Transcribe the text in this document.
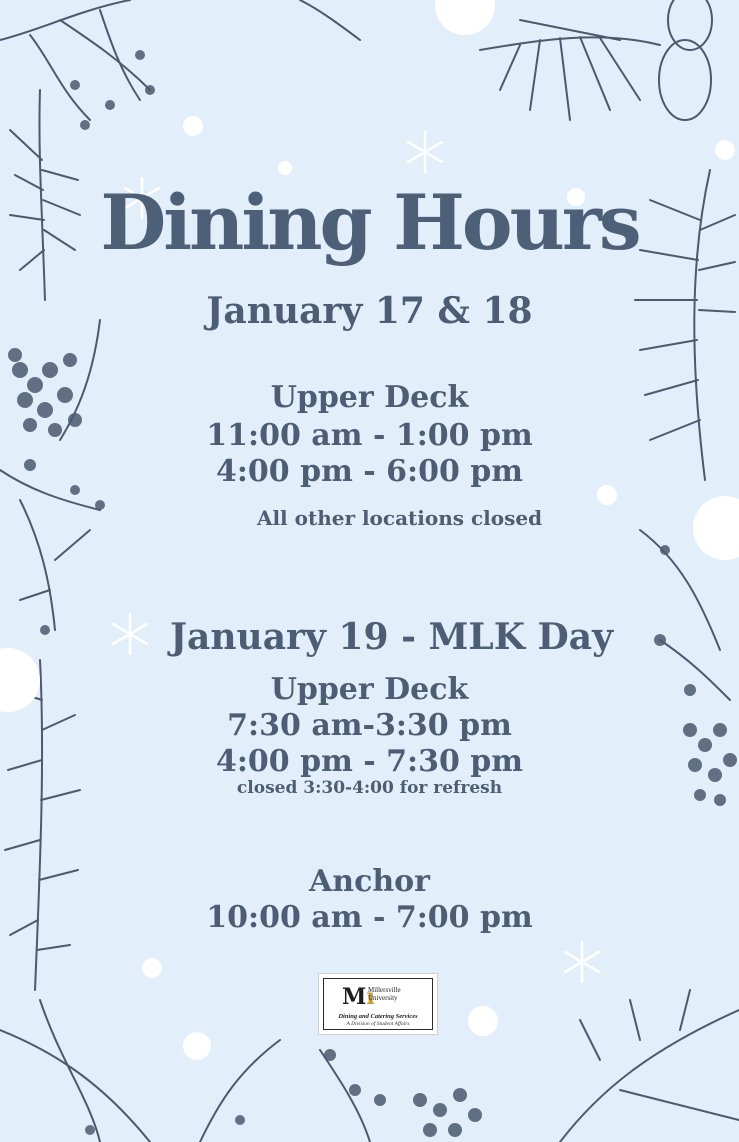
Dining Hours
January 17 & 18
Upper Deck
11:00 am - 1:00 pm
4:00 pm - 6:00 pm
All other locations closed
January 19 - MLK Day
Upper Deck
7:30 am-3:30 pm
4:00 pm - 7:30 pm
closed 3:30-4:00 for refresh
Anchor
10:00 am - 7:00 pm
Mı
Millersville
University
Dining and Catering Services
A Division of Student Affairs
